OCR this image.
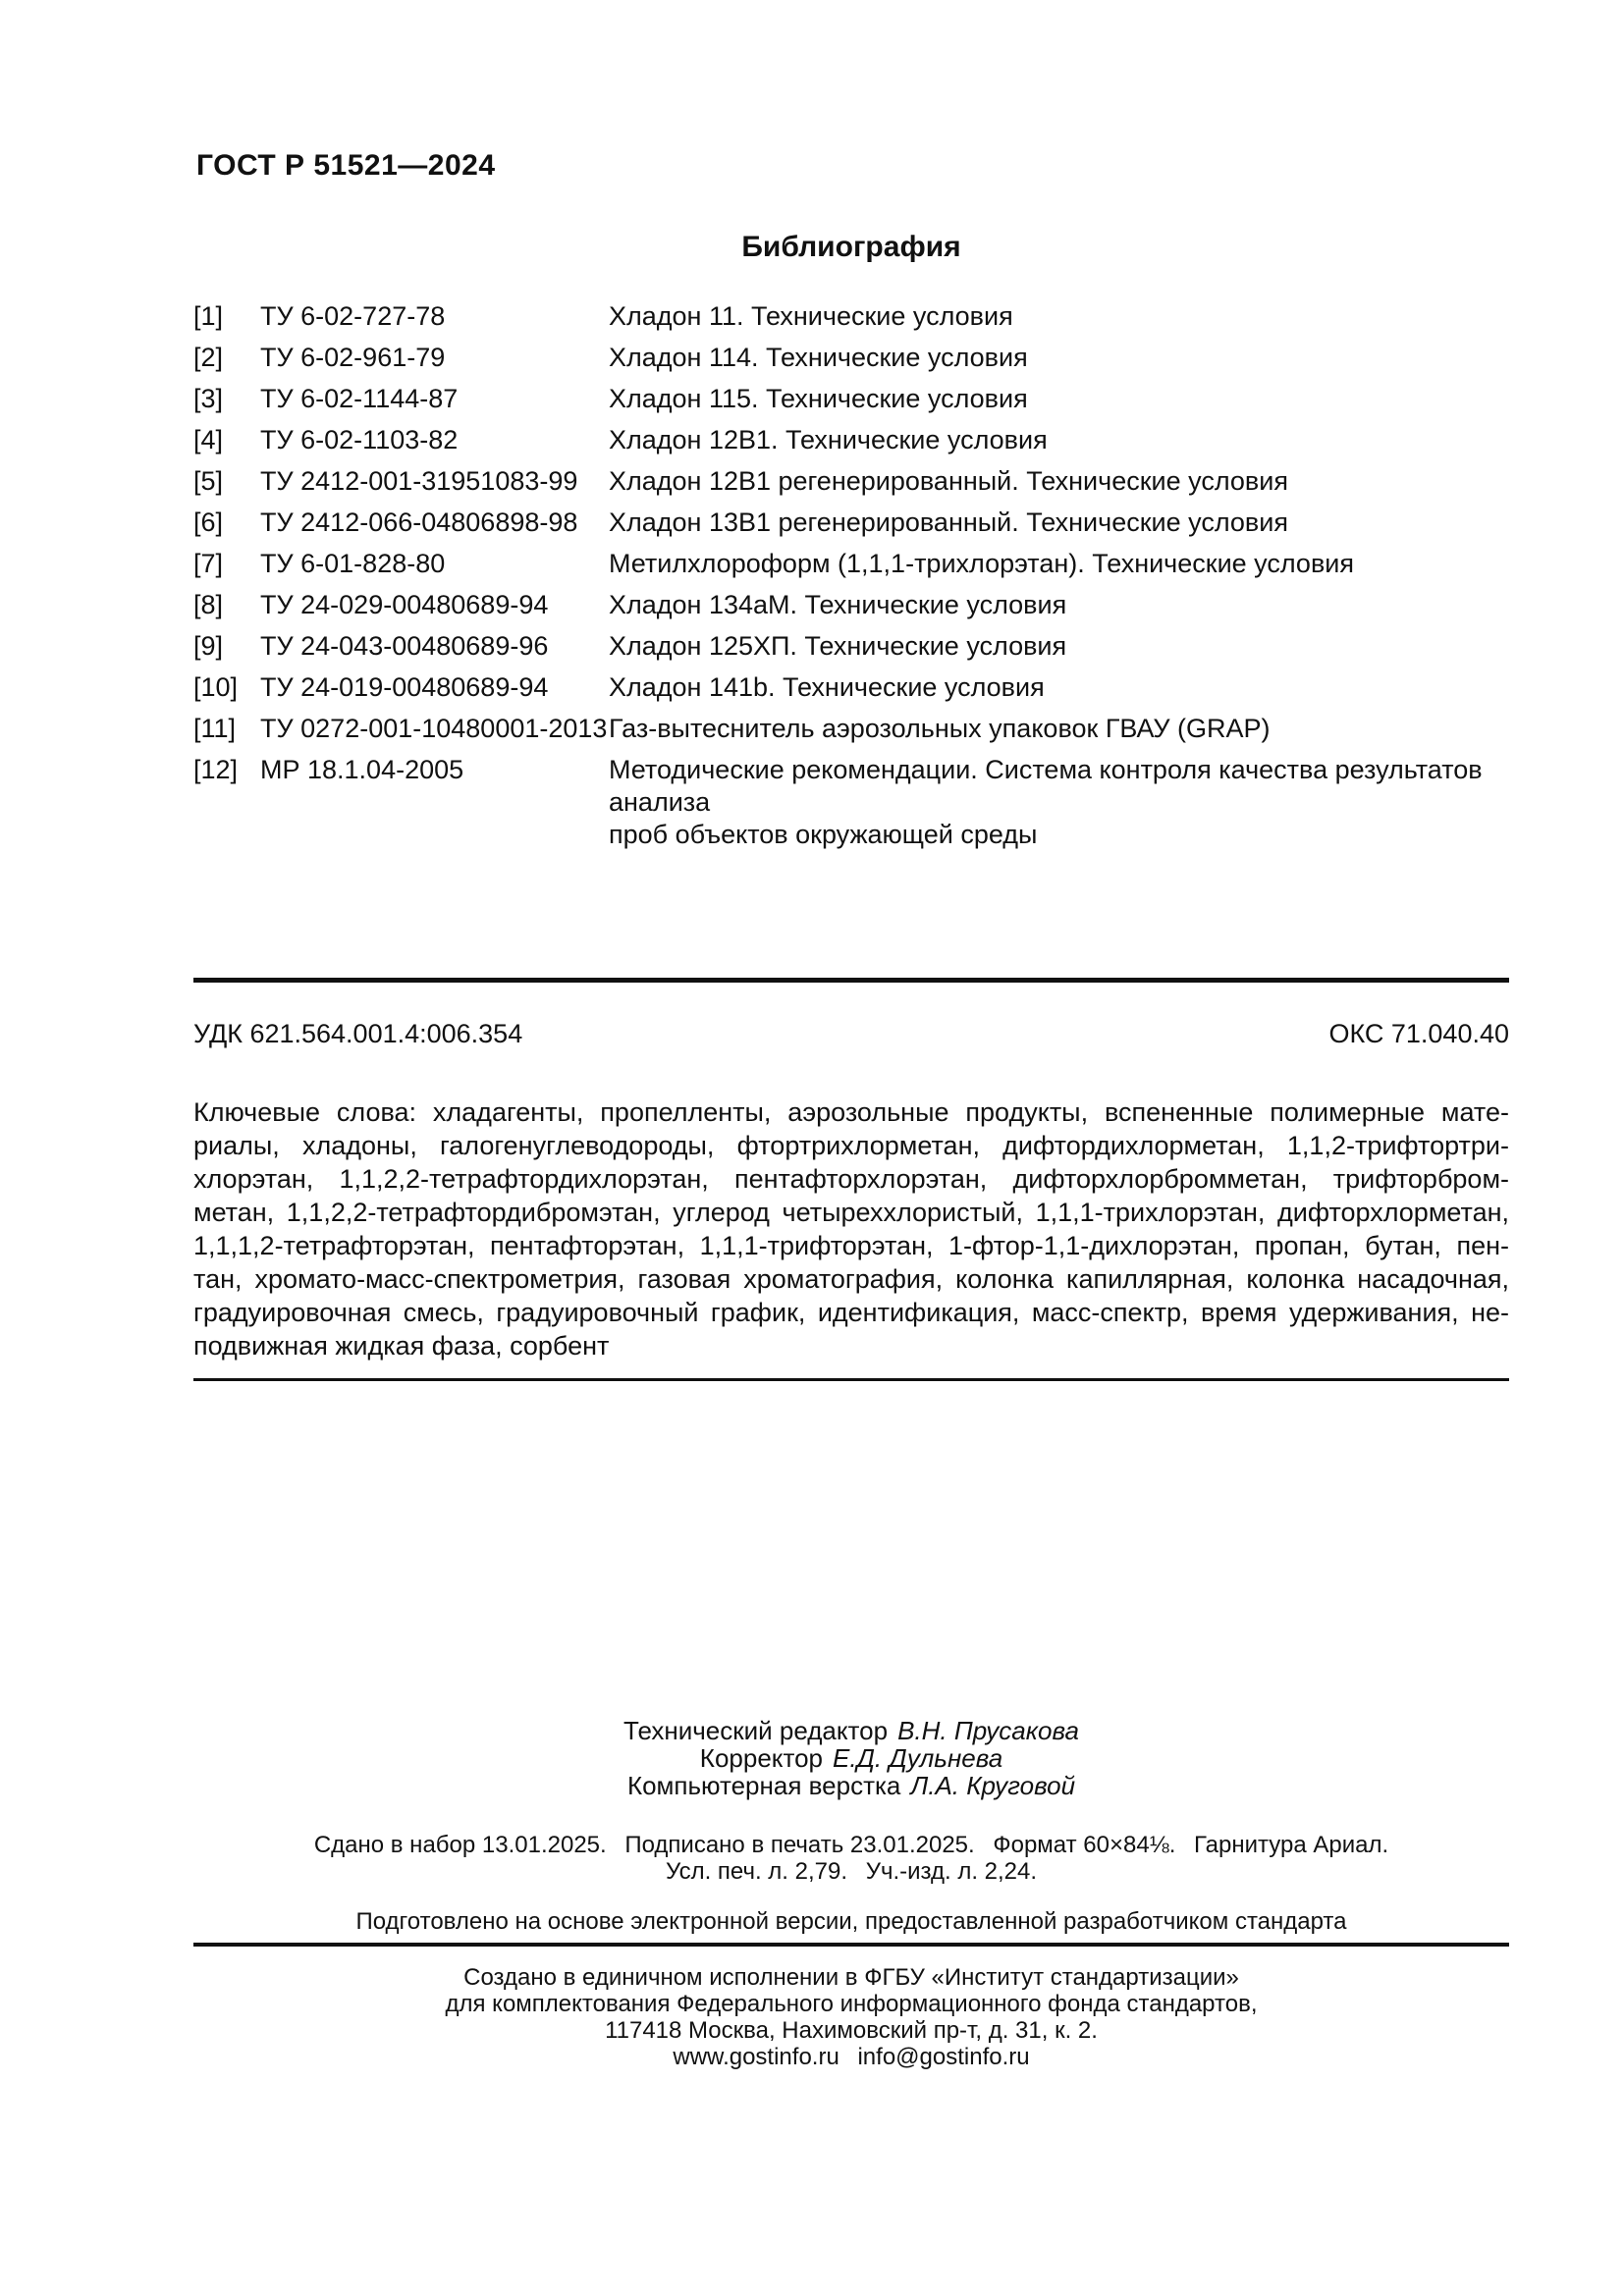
ГОСТ Р 51521—2024
Библиография
[1]	ТУ 6-02-727-78	Хладон 11. Технические условия
[2]	ТУ 6-02-961-79	Хладон 114. Технические условия
[3]	ТУ 6-02-1144-87	Хладон 115. Технические условия
[4]	ТУ 6-02-1103-82	Хладон 12В1. Технические условия
[5]	ТУ 2412-001-31951083-99	Хладон 12В1 регенерированный. Технические условия
[6]	ТУ 2412-066-04806898-98	Хладон 13В1 регенерированный. Технические условия
[7]	ТУ 6-01-828-80	Метилхлороформ (1,1,1-трихлорэтан). Технические условия
[8]	ТУ 24-029-00480689-94	Хладон 134аМ. Технические условия
[9]	ТУ 24-043-00480689-96	Хладон 125ХП. Технические условия
[10] ТУ 24-019-00480689-94	Хладон 141b. Технические условия
[11] ТУ 0272-001-10480001-2013 Газ-вытеснитель аэрозольных упаковок ГВАУ (GRAP)
[12] МР 18.1.04-2005	Методические рекомендации. Система контроля качества результатов анализа
проб объектов окружающей среды
УДК 621.564.001.4:006.354	ОКС 71.040.40
Ключевые слова: хладагенты, пропелленты, аэрозольные продукты, вспененные полимерные мате-
риалы, хладоны, галогенуглеводороды, фтортрихлорметан, дифтордихлорметан, 1,1,2-трифтортри-
хлорэтан, 1,1,2,2-тетрафтордихлорэтан, пентафторхлорэтан, дифторхлорбромметан, трифторбром-
метан, 1,1,2,2-тетрафтордибромэтан, углерод четыреххлористый, 1,1,1-трихлорэтан, дифторхлорметан,
1,1,1,2-тетрафторэтан, пентафторэтан, 1,1,1-трифторэтан, 1-фтор-1,1-дихлорэтан, пропан, бутан, пен-
тан, хромато-масс-спектрометрия, газовая хроматография, колонка капиллярная, колонка насадочная,
градуировочная смесь, градуировочный график, идентификация, масс-спектр, время удерживания, не-
подвижная жидкая фаза, сорбент
Технический редактор В.Н. Прусакова
Корректор Е.Д. Дульнева
Компьютерная верстка Л.А. Круговой
Сдано в набор 13.01.2025.  Подписано в печать 23.01.2025.  Формат 60×84⅛.  Гарнитура Ариал.
Усл. печ. л. 2,79.  Уч.-изд. л. 2,24.
Подготовлено на основе электронной версии, предоставленной разработчиком стандарта
Создано в единичном исполнении в ФГБУ «Институт стандартизации»
для комплектования Федерального информационного фонда стандартов,
117418 Москва, Нахимовский пр-т, д. 31, к. 2.
www.gostinfo.ru  info@gostinfo.ru
